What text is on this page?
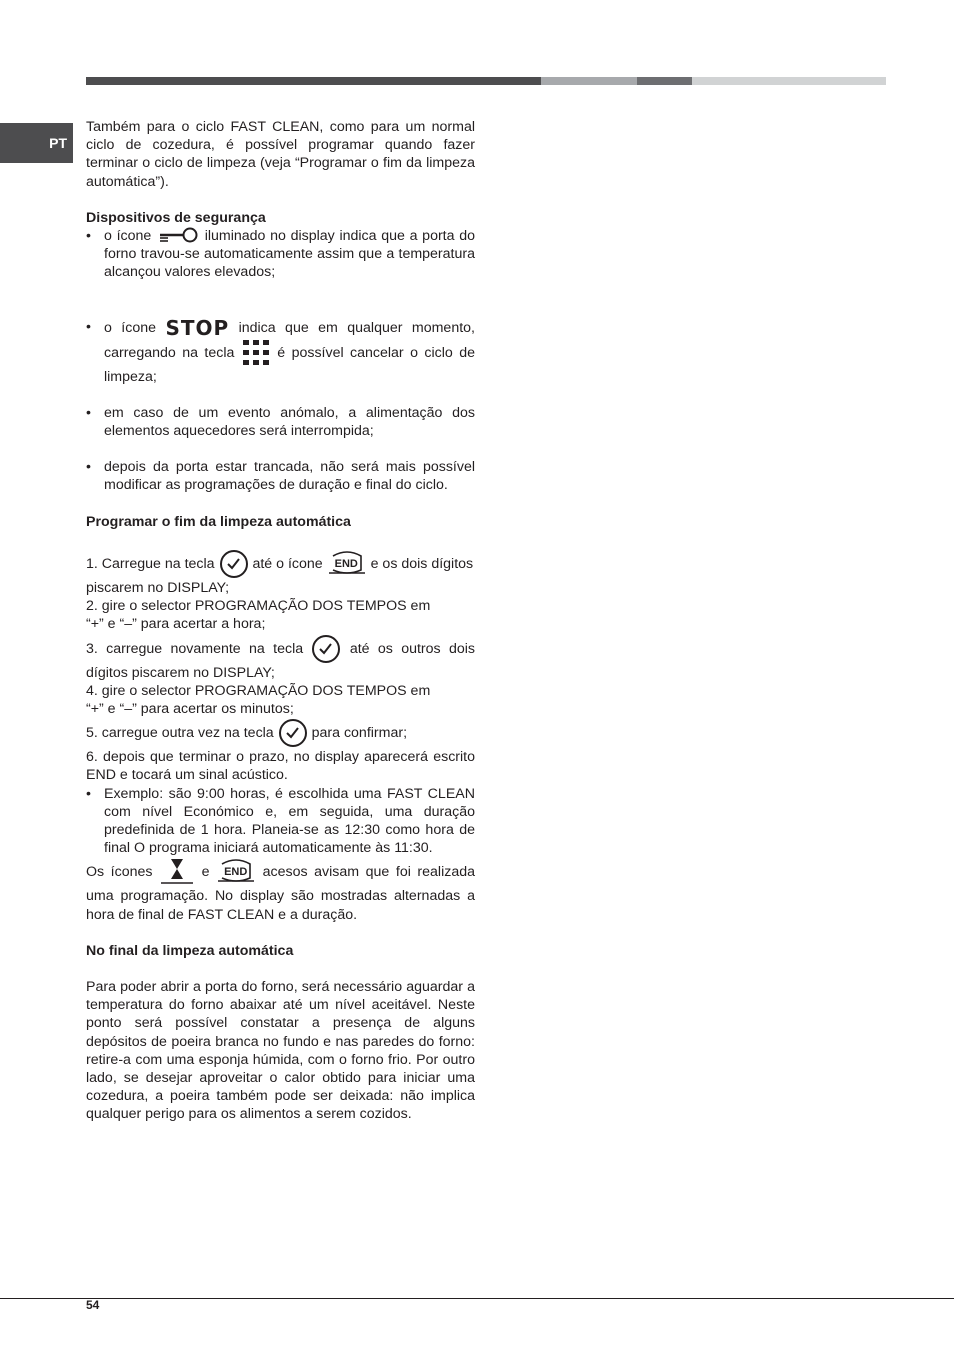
PT

Também para o ciclo FAST CLEAN, como para um normal ciclo de cozedura, é possível programar quando fazer terminar o ciclo de limpeza (veja “Programar o fim da limpeza automática”).

Dispositivos de segurança

• o ícone	iluminado no display indica que a porta do forno travou-se automaticamente assim que a temperatura alcançou valores elevados;
• o ícone STOP indica que em qualquer momento, carregando na tecla	é possível cancelar o ciclo de limpeza;
• em caso de um evento anómalo, a alimentação dos elementos aquecedores será interrompida;
• depois da porta estar trancada, não será mais possível modificar as programações de duração e final do ciclo.

Programar o fim da limpeza automática

1. Carregue na tecla	até o ícone END e os dois dígitos piscarem no DISPLAY;

2. gire o selector PROGRAMAÇÃO DOS TEMPOS em

“+” e “–” para acertar a hora;

3. carregue novamente na tecla	até os outros dois dígitos piscarem no DISPLAY;

4. gire o selector PROGRAMAÇÃO DOS TEMPOS em

“+” e “–” para acertar os minutos;

5. carregue outra vez na tecla	para confirmar;

6. depois que terminar o prazo, no display aparecerá escrito END e tocará um sinal acústico.

• Exemplo: são 9:00 horas, é escolhida uma FAST CLEAN com nível Económico e, em seguida, uma duração predefinida de 1 hora. Planeia-se as 12:30 como hora de final O programa iniciará automaticamente às 11:30.

Os ícones	e END acesos avisam que foi realizada uma programação. No display são mostradas alternadas a hora de final de FAST CLEAN e a duração.

No final da limpeza automática

Para poder abrir a porta do forno, será necessário aguardar a temperatura do forno abaixar até um nível aceitável. Neste ponto será possível constatar a presença de alguns depósitos de poeira branca no fundo e nas paredes do forno: retire-a com uma esponja húmida, com o forno frio. Por outro lado, se desejar aproveitar o calor obtido para iniciar uma cozedura, a poeira também pode ser deixada: não implica qualquer perigo para os alimentos a serem cozidos.

54
